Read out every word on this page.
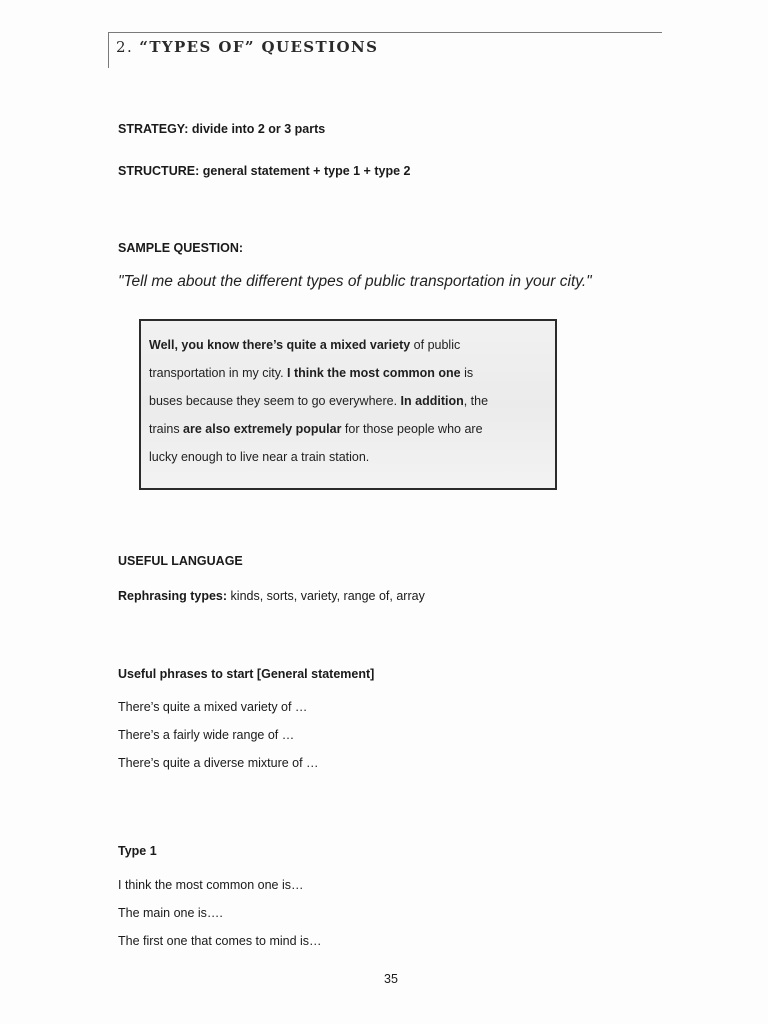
2. “TYPES OF” QUESTIONS
STRATEGY: divide into 2 or 3 parts
STRUCTURE: general statement + type 1 + type 2
SAMPLE QUESTION:
"Tell me about the different types of public transportation in your city."
Well, you know there’s quite a mixed variety of public
transportation in my city. I think the most common one is
buses because they seem to go everywhere. In addition, the
trains are also extremely popular for those people who are
lucky enough to live near a train station.
USEFUL LANGUAGE
Rephrasing types: kinds, sorts, variety, range of, array
Useful phrases to start [General statement]
There’s quite a mixed variety of …
There’s a fairly wide range of …
There’s quite a diverse mixture of …
Type 1
I think the most common one is…
The main one is….
The first one that comes to mind is…
35
